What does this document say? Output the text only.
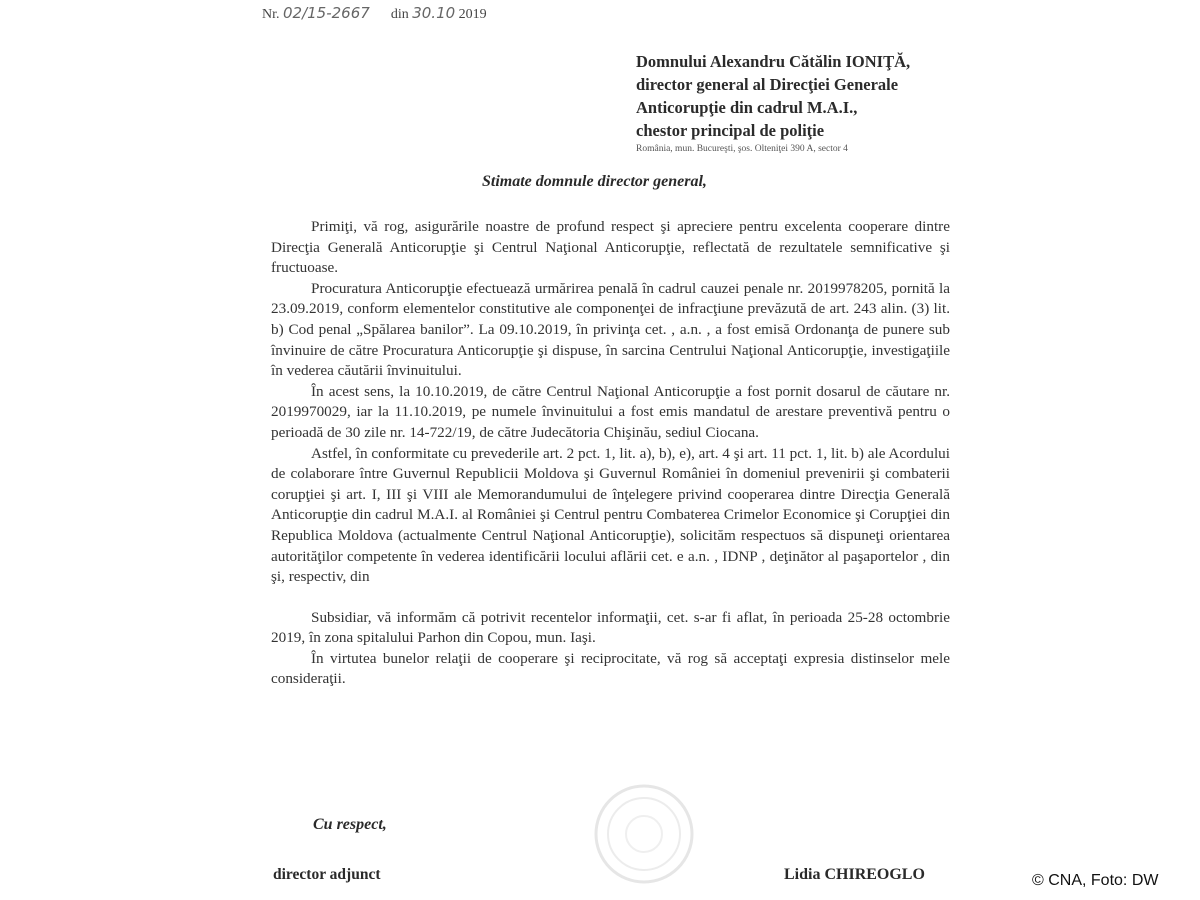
Nr. 02/15-2667 din 30.10 2019
Domnului Alexandru Cătălin IONIŢĂ,
director general al Direcţiei Generale
Anticorupţie din cadrul M.A.I.,
chestor principal de poliţie
România, mun. Bucureşti, şos. Olteniţei 390 A, sector 4
Stimate domnule director general,

Primiţi, vă rog, asigurările noastre de profund respect şi apreciere pentru excelenta cooperare dintre Direcţia Generală Anticorupţie şi Centrul Naţional Anticorupţie, reflectată de rezultatele semnificative şi fructuoase.

Procuratura Anticorupţie efectuează urmărirea penală în cadrul cauzei penale nr. 2019978205, pornită la 23.09.2019, conform elementelor constitutive ale componenţei de infracţiune prevăzută de art. 243 alin. (3) lit. b) Cod penal „Spălarea banilor”. La 09.10.2019, în privinţa cet. , a.n. , a fost emisă Ordonanţa de punere sub învinuire de către Procuratura Anticorupţie şi dispuse, în sarcina Centrului Naţional Anticorupţie, investigaţiile în vederea căutării învinuitului.

În acest sens, la 10.10.2019, de către Centrul Naţional Anticorupţie a fost pornit dosarul de căutare nr. 2019970029, iar la 11.10.2019, pe numele învinuitului a fost emis mandatul de arestare preventivă pentru o perioadă de 30 zile nr. 14-722/19, de către Judecătoria Chişinău, sediul Ciocana.

Astfel, în conformitate cu prevederile art. 2 pct. 1, lit. a), b), e), art. 4 şi art. 11 pct. 1, lit. b) ale Acordului de colaborare între Guvernul Republicii Moldova şi Guvernul României în domeniul prevenirii şi combaterii corupţiei şi art. I, III şi VIII ale Memorandumului de înţelegere privind cooperarea dintre Direcţia Generală Anticorupţie din cadrul M.A.I. al României şi Centrul pentru Combaterea Crimelor Economice şi Corupţiei din Republica Moldova (actualmente Centrul Naţional Anticorupţie), solicităm respectuos să dispuneţi orientarea autorităţilor competente în vederea identificării locului aflării cet. e a.n. , IDNP , deţinător al paşaportelor , din şi, respectiv, din

Subsidiar, vă informăm că potrivit recentelor informaţii, cet. s-ar fi aflat, în perioada 25-28 octombrie 2019, în zona spitalului Parhon din Copou, mun. Iaşi.

În virtutea bunelor relaţii de cooperare şi reciprocitate, vă rog să acceptaţi expresia distinselor mele consideraţii.

Cu respect,
director adjunct	Lidia CHIREOGLO	© CNA, Foto: DW
